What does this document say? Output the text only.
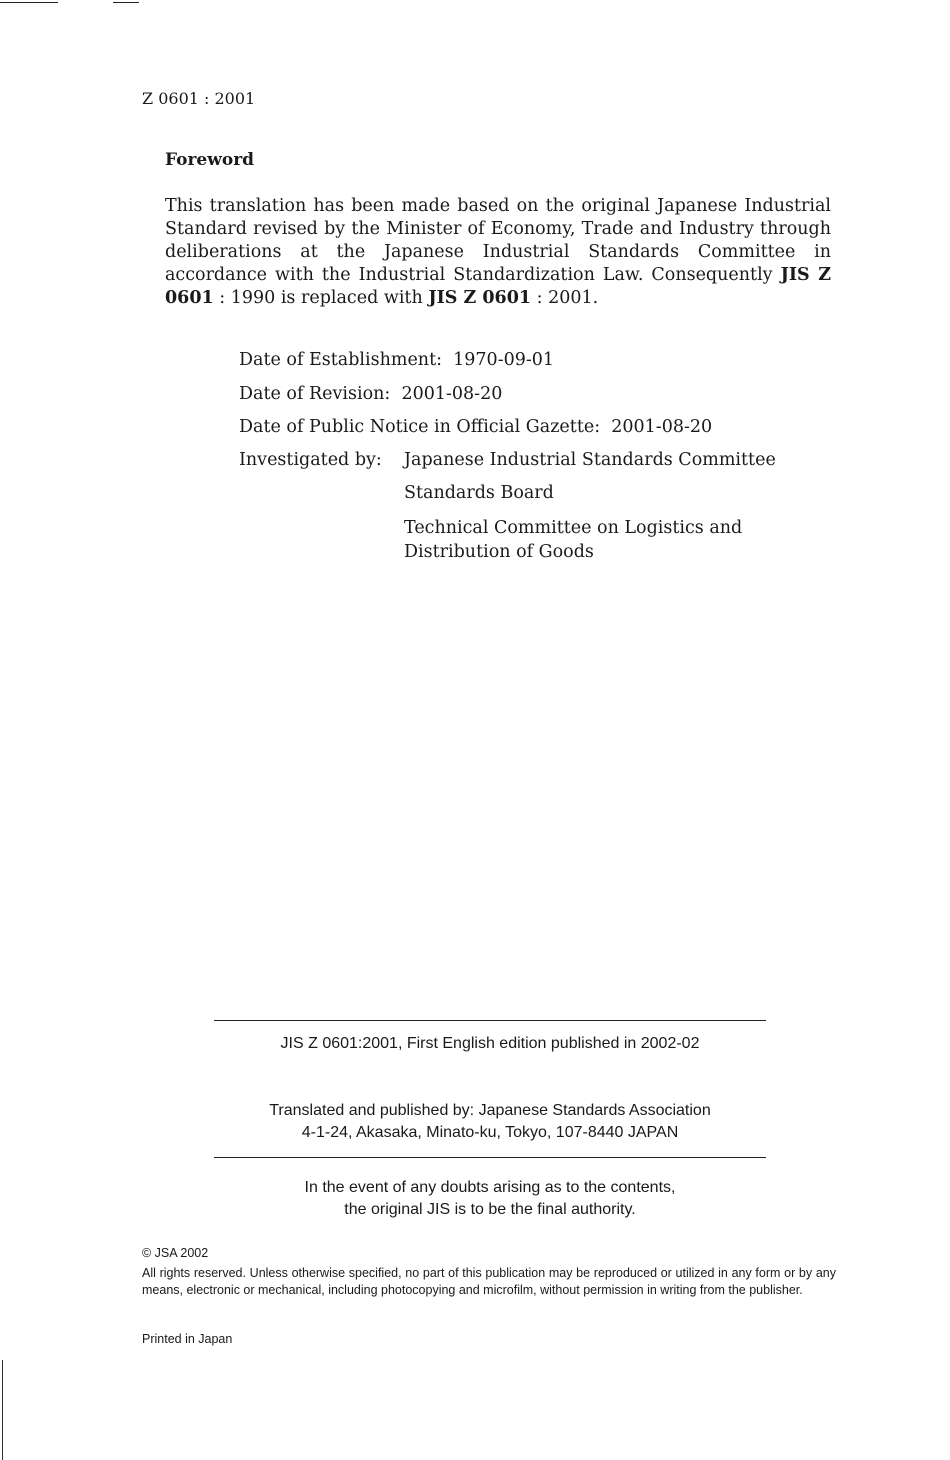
Z 0601 : 2001
Foreword
This translation has been made based on the original Japanese Industrial Standard revised by the Minister of Economy, Trade and Industry through deliberations at the Japanese Industrial Standards Committee in accordance with the Industrial Standardization Law. Consequently JIS Z 0601 : 1990 is replaced with JIS Z 0601 : 2001.
Date of Establishment: 1970-09-01
Date of Revision: 2001-08-20
Date of Public Notice in Official Gazette: 2001-08-20
Investigated by: Japanese Industrial Standards Committee
Standards Board
Technical Committee on Logistics and Distribution of Goods
JIS Z 0601:2001, First English edition published in 2002-02
Translated and published by: Japanese Standards Association
4-1-24, Akasaka, Minato-ku, Tokyo, 107-8440 JAPAN
In the event of any doubts arising as to the contents,
the original JIS is to be the final authority.
© JSA 2002
All rights reserved. Unless otherwise specified, no part of this publication may be reproduced or utilized in any form or by any means, electronic or mechanical, including photocopying and microfilm, without permission in writing from the publisher.
Printed in Japan
